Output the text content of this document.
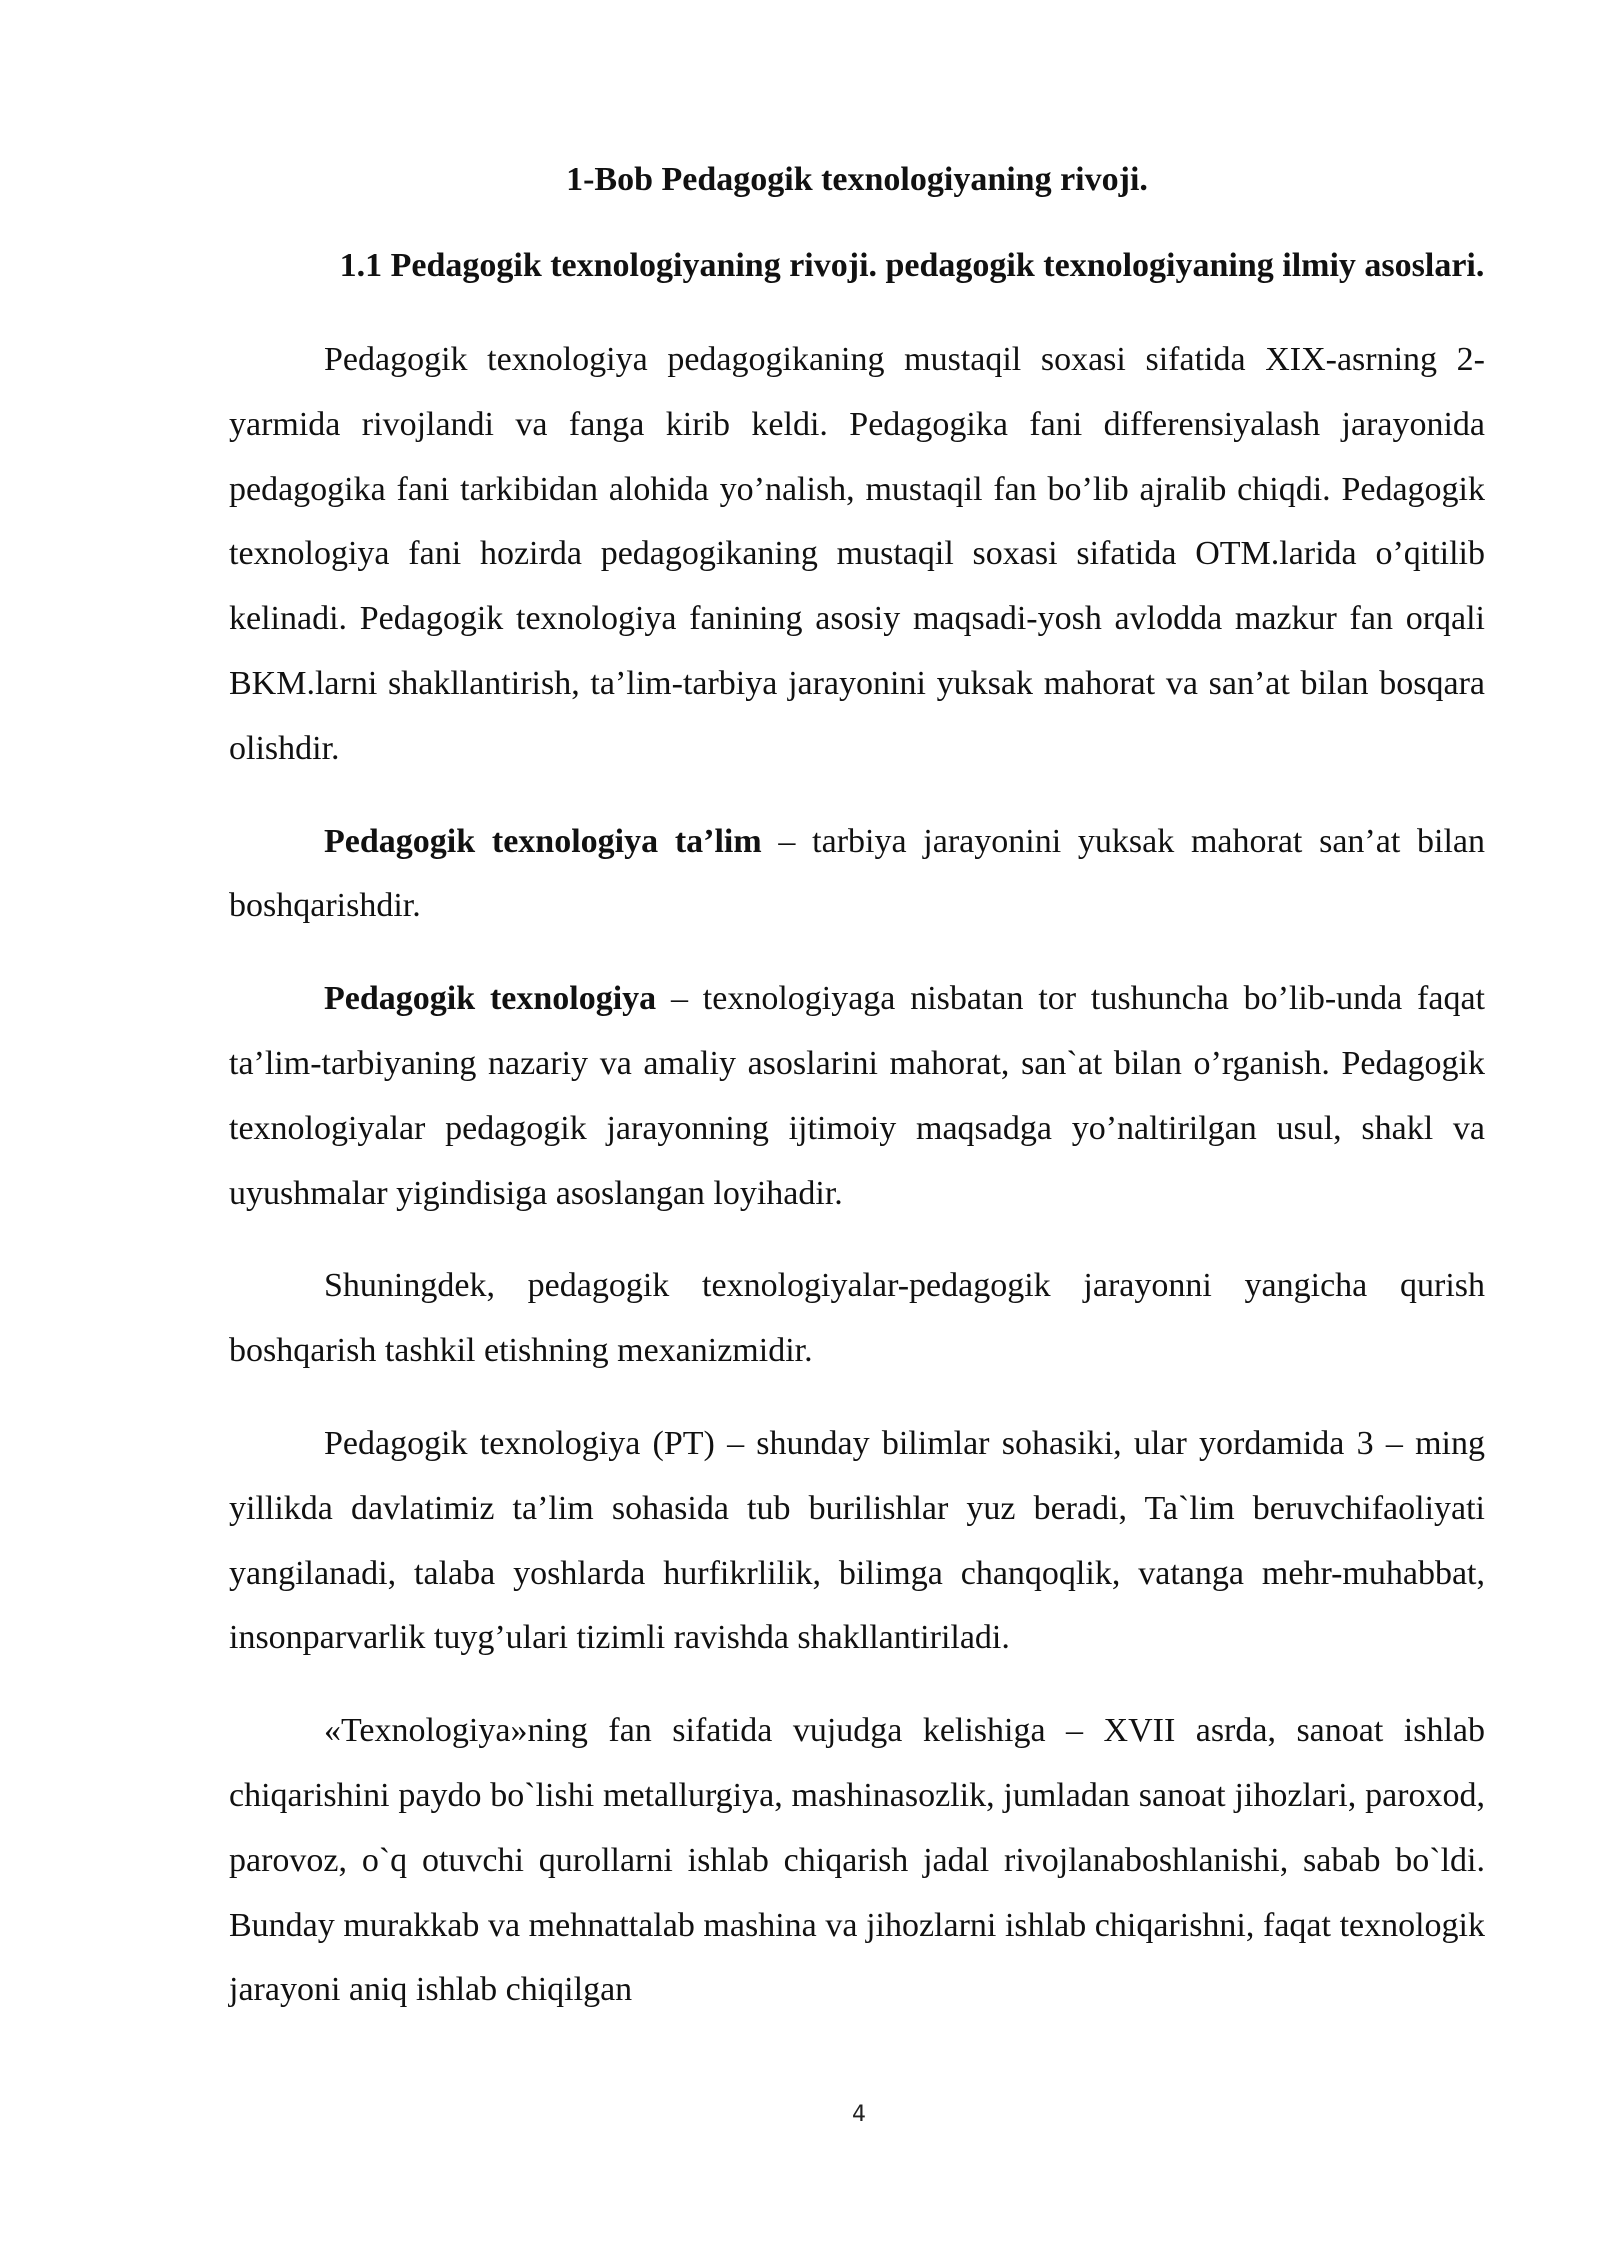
1-Bob Pedagogik texnologiyaning rivoji.
1.1 Pedagogik texnologiyaning rivoji. pedagogik texnologiyaning ilmiy asoslari.

Pedagogik texnologiya pedagogikaning mustaqil soxasi sifatida XIX-asrning 2- yarmida rivojlandi va fanga kirib keldi. Pedagogika fani differensiyalash jarayonida pedagogika fani tarkibidan alohida yo’nalish, mustaqil fan bo’lib ajralib chiqdi. Pedagogik texnologiya fani hozirda pedagogikaning mustaqil soxasi sifatida OTM.larida o’qitilib kelinadi. Pedagogik texnologiya fanining asosiy maqsadi-yosh avlodda mazkur fan orqali BKM.larni shakllantirish, ta’lim-tarbiya jarayonini yuksak mahorat va san’at bilan bosqara olishdir.

Pedagogik texnologiya ta’lim – tarbiya jarayonini yuksak mahorat san’at bilan boshqarishdir.

Pedagogik texnologiya – texnologiyaga nisbatan tor tushuncha bo’lib-unda faqat ta’lim-tarbiyaning nazariy va amaliy asoslarini mahorat, san`at bilan o’rganish. Pedagogik texnologiyalar pedagogik jarayonning ijtimoiy maqsadga yo’naltirilgan usul, shakl va uyushmalar yigindisiga asoslangan loyihadir.

Shuningdek, pedagogik texnologiyalar-pedagogik jarayonni yangicha qurish boshqarish tashkil etishning mexanizmidir.

Pedagogik texnologiya (PT) – shunday bilimlar sohasiki, ular yordamida 3 – ming yillikda davlatimiz ta’lim sohasida tub burilishlar yuz beradi, Ta`lim beruvchifaoliyati yangilanadi, talaba yoshlarda hurfikrlilik, bilimga chanqoqlik, vatanga mehr-muhabbat, insonparvarlik tuyg’ulari tizimli ravishda shakllantiriladi.

«Texnologiya»ning fan sifatida vujudga kelishiga – XVII asrda, sanoat ishlab chiqarishini paydo bo`lishi metallurgiya, mashinasozlik, jumladan sanoat jihozlari, paroxod, parovoz, o`q otuvchi qurollarni ishlab chiqarish jadal rivojlanaboshlanishi, sabab bo`ldi. Bunday murakkab va mehnattalab mashina va jihozlarni ishlab chiqarishni, faqat texnologik jarayoni aniq ishlab chiqilgan

4
